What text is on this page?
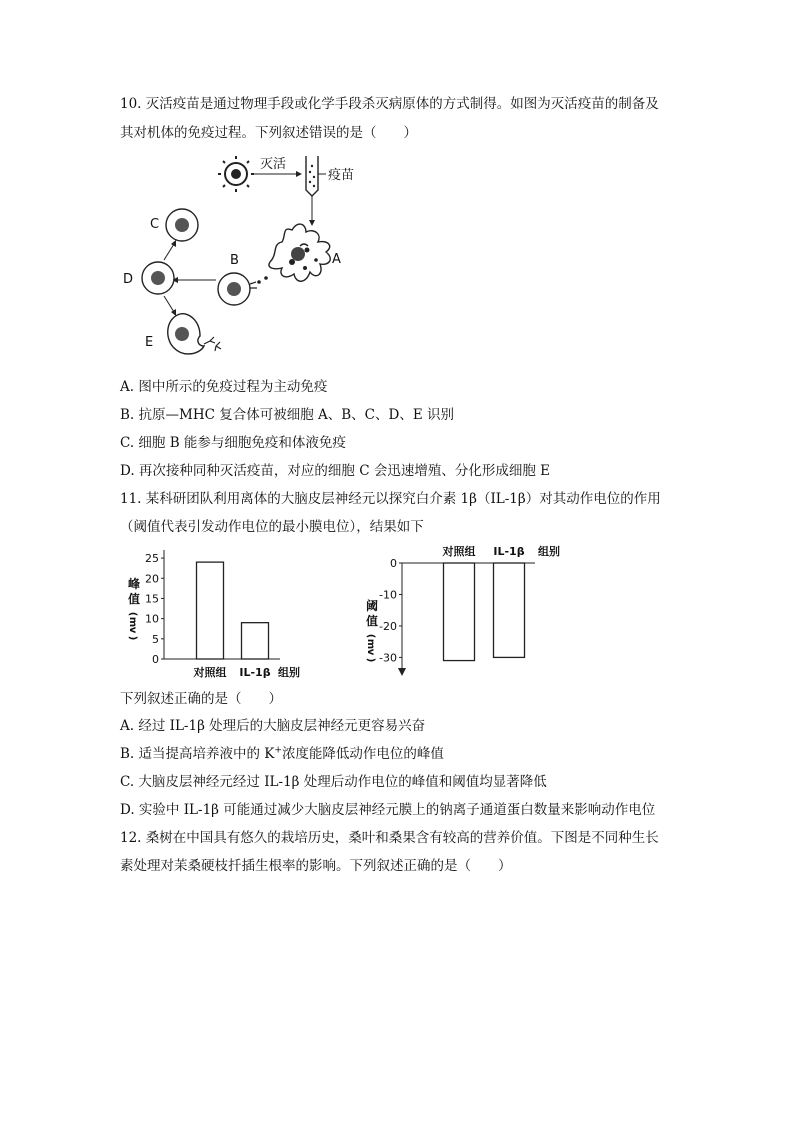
10. 灭活疫苗是通过物理手段或化学手段杀灭病原体的方式制得。如图为灭活疫苗的制备及
其对机体的免疫过程。下列叙述错误的是（　　）
灭活
疫苗
A
B
D
C
E
A. 图中所示的免疫过程为主动免疫
B. 抗原—MHC 复合体可被细胞 A、B、C、D、E 识别
C. 细胞 B 能参与细胞免疫和体液免疫
D. 再次接种同种灭活疫苗，对应的细胞 C 会迅速增殖、分化形成细胞 E
11. 某科研团队利用离体的大脑皮层神经元以探究白介素 1β（IL-1β）对其动作电位的作用
（阈值代表引发动作电位的最小膜电位），结果如下
峰
值
(
m
v
)
0
5
10
15
20
25
对照组 IL-1β 组别
阈
值
(
m
v
)
0
-10
-20
-30
对照组 IL-1β 组别
下列叙述正确的是（　　）
A. 经过 IL-1β 处理后的大脑皮层神经元更容易兴奋
B. 适当提高培养液中的 K+浓度能降低动作电位的峰值
C. 大脑皮层神经元经过 IL-1β 处理后动作电位的峰值和阈值均显著降低
D. 实验中 IL-1β 可能通过减少大脑皮层神经元膜上的钠离子通道蛋白数量来影响动作电位
12. 桑树在中国具有悠久的栽培历史，桑叶和桑果含有较高的营养价值。下图是不同种生长
素处理对苿桑硬枝扦插生根率的影响。下列叙述正确的是（　　）
